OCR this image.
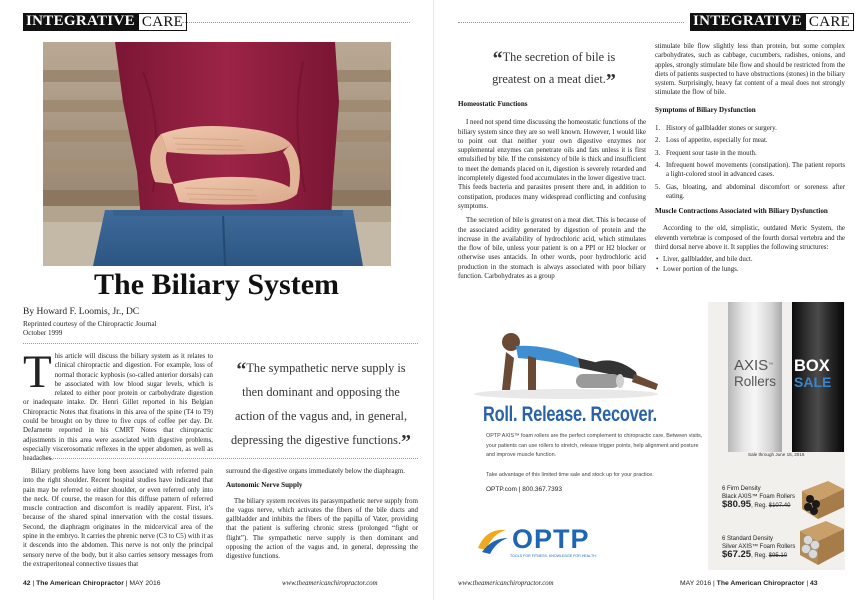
INTEGRATIVE CARE	INTEGRATIVE CARE
The Biliary System
By Howard F. Loomis, Jr., DC
Reprinted courtesy of the Chiropractic Journal
October 1999
T his article will discuss the biliary system as it relates to clinical chiropractic and digestion. For example, loss of normal thoracic kyphosis (so-called anterior dorsals) can be associated with low blood sugar levels, which is related to either poor protein or carbohydrate digestion or inadequate intake. Dr. Henri Gillet reported in his Belgian Chiropractic Notes that fixations in this area of the spine (T4 to T9) could be brought on by three to five cups of coffee per day. Dr. DeJarnette reported in his CMRT Notes that chiropractic adjustments in this area were associated with digestive problems, especially viscerosomatic reflexes in the upper abdomen, as well as headaches.
“The sympathetic nerve supply is then dominant and opposing the action of the vagus and, in general, depressing the digestive functions.”

Biliary problems have long been associated with referred pain into the right shoulder. Recent hospital studies have indicated that pain may be referred to either shoulder, or even referred only into the neck. Of course, the reason for this diffuse pattern of referred muscle contraction and discomfort is readily apparent. First, it’s because of the shared spinal innervation with the costal tissues. Second, the diaphragm originates in the midcervical area of the spine in the embryo. It carries the phrenic nerve (C3 to C5) with it as it descends into the abdomen. This nerve is not only the principal sensory nerve of the body, but it also carries sensory messages from the extraperitoneal connective tissues that

surround the digestive organs immediately below the diaphragm.

Autonomic Nerve Supply

The biliary system receives its parasympathetic nerve supply from the vagus nerve, which activates the fibers of the bile ducts and gallbladder and inhibits the fibers of the papilla of Vater, providing that the patient is suffering chronic stress (prolonged “fight or flight”). The sympathetic nerve supply is then dominant and opposing the action of the vagus and, in general, depressing the digestive functions.

“The secretion of bile is greatest on a meat diet.”
Homeostatic Functions

I need not spend time discussing the homeostatic functions of the biliary system since they are so well known. However, I would like to point out that neither your own digestive enzymes nor supplemental enzymes can penetrate oils and fats unless it is first emulsified by bile. If the consistency of bile is thick and insufficient to meet the demands placed on it, digestion is severely retarded and incompletely digested food accumulates in the lower digestive tract. This feeds bacteria and parasites present there and, in addition to constipation, produces many widespread conflicting and confusing symptoms.

The secretion of bile is greatest on a meat diet. This is because of the associated acidity generated by digestion of protein and the increase in the availability of hydrochloric acid, which stimulates the flow of bile, unless your patient is on a PPI or H2 blocker or otherwise uses antacids. In other words, poor hydrochloric acid production in the stomach is always associated with poor biliary function. Carbohydrates as a group

stimulate bile flow slightly less than protein, but some complex carbohydrates, such as cabbage, cucumbers, radishes, onions, and apples, strongly stimulate bile flow and should be restricted from the diets of patients suspected to have obstructions (stones) in the biliary system. Surprisingly, heavy fat content of a meal does not strongly stimulate the flow of bile.

Symptoms of Biliary Dysfunction
1. History of gallbladder stones or surgery.
2. Loss of appetite, especially for meat.
3. Frequent sour taste in the mouth.
4. Infrequent bowel movements (constipation). The patient reports a light-colored stool in advanced cases.
5. Gas, bloating, and abdominal discomfort or soreness after eating.
Muscle Contractions Associated with Biliary Dysfunction

According to the old, simplistic, outdated Meric System, the eleventh vertebrae is composed of the fourth dorsal vertebra and the third dorsal nerve above it. It supplies the following structures:

• Liver, gallbladder, and bile duct.
• Lower portion of the lungs.
Roll. Release. Recover.
OPTP AXIS™ foam rollers are the perfect complement to chiropractic care. Between visits, your patients can use rollers to stretch, release trigger points, help alignment and posture and improve muscle function.
Take advantage of this limited time sale and stock up for your practice.
OPTP.com | 800.367.7393
OPTP
TOOLS FOR FITNESS. KNOWLEDGE FOR HEALTH.
AXIS™
Rollers
BOX
SALE
Sale through June 15, 2016
6 Firm Density
Black AXIS™ Foam Rollers
$80.95, Reg. $107.40
6 Standard Density
Silver AXIS™ Foam Rollers
$67.25, Reg. $95.10
42 | The American Chiropractor | MAY 2016	www.theamericanchiropractor.com	www.theamericanchiropractor.com	MAY 2016 | The American Chiropractor | 43
